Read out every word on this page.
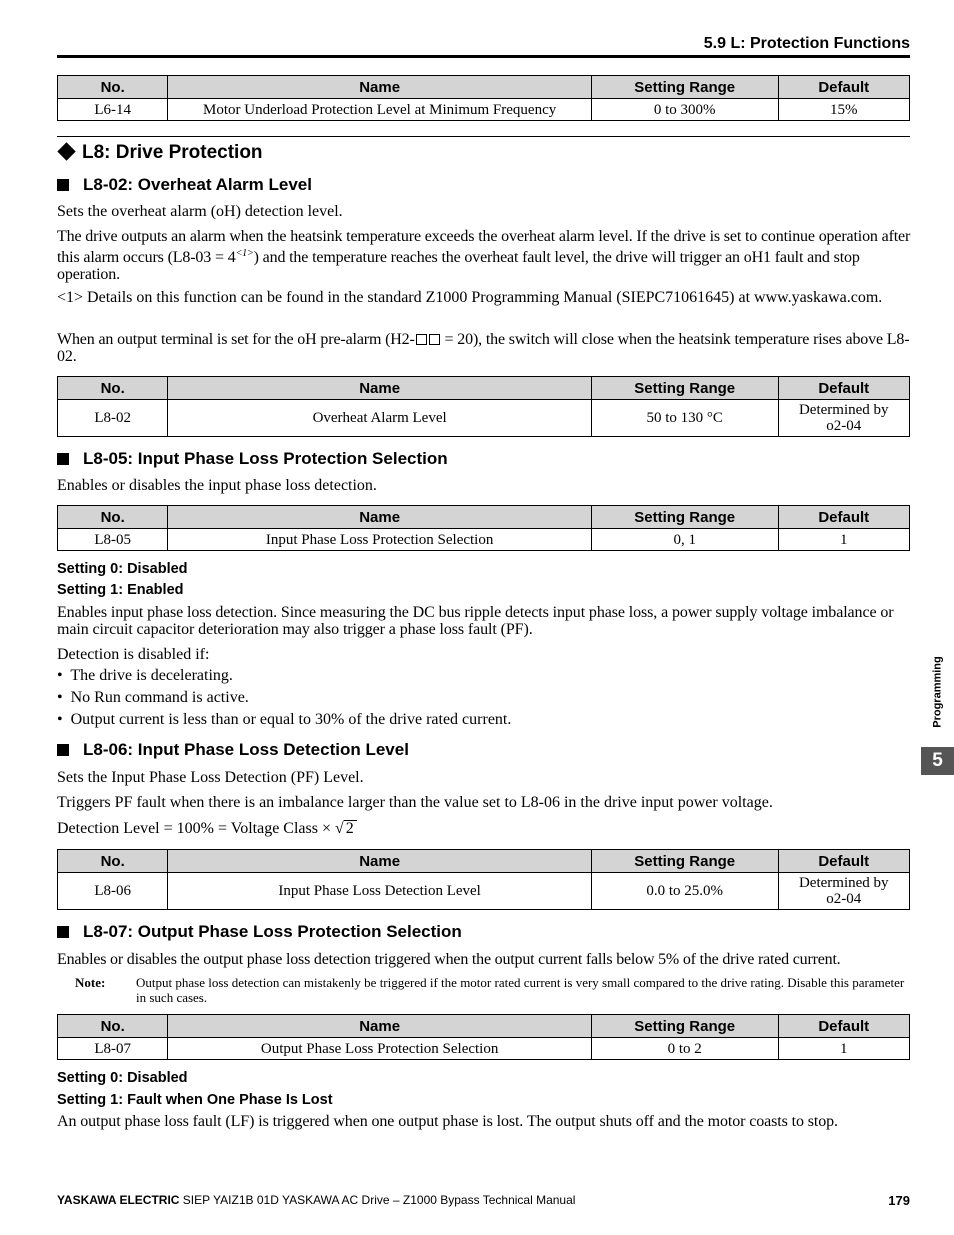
5.9 L: Protection Functions
No.	Name	Setting Range	Default
L6-14	Motor Underload Protection Level at Minimum Frequency	0 to 300%	15%
L8: Drive Protection
L8-02: Overheat Alarm Level
Sets the overheat alarm (oH) detection level.
The drive outputs an alarm when the heatsink temperature exceeds the overheat alarm level. If the drive is set to continue operation after this alarm occurs $(L8-03 = 4^{<1>})$ and the temperature reaches the overheat fault level, the drive will trigger an oH1 fault and stop operation.
<1> Details on this function can be found in the standard Z1000 Programming Manual (SIEPC71061645) at www.yaskawa.com.
When an output terminal is set for the oH pre-alarm (H2- = 20), the switch will close when the heatsink temperature rises above L8-02.
No.	Name	Setting Range	Default
L8-02	Overheat Alarm Level	50 to 130 °C	Determined by
o2-04
L8-05: Input Phase Loss Protection Selection
Enables or disables the input phase loss detection.
No.	Name	Setting Range	Default
L8-05	Input Phase Loss Protection Selection	0, 1	1
Setting 0: Disabled
Setting 1: Enabled
Enables input phase loss detection. Since measuring the DC bus ripple detects input phase loss, a power supply voltage imbalance or main circuit capacitor deterioration may also trigger a phase loss fault (PF).
Detection is disabled if:
•  The drive is decelerating.
•  No Run command is active.
•  Output current is less than or equal to 30% of the drive rated current.
L8-06: Input Phase Loss Detection Level
Sets the Input Phase Loss Detection (PF) Level.
Triggers PF fault when there is an imbalance larger than the value set to L8-06 in the drive input power voltage.
Detection Level = 100% = Voltage Class × √ 2
No.	Name	Setting Range	Default
L8-06	Input Phase Loss Detection Level	0.0 to 25.0%	Determined by
o2-04
L8-07: Output Phase Loss Protection Selection
Enables or disables the output phase loss detection triggered when the output current falls below 5% of the drive rated current.
Note: Output phase loss detection can mistakenly be triggered if the motor rated current is very small compared to the drive rating. Disable this parameter in such cases.
No.	Name	Setting Range	Default
L8-07	Output Phase Loss Protection Selection	0 to 2	1
Setting 0: Disabled
Setting 1: Fault when One Phase Is Lost
An output phase loss fault (LF) is triggered when one output phase is lost. The output shuts off and the motor coasts to stop.
Programming
5
YASKAWA ELECTRIC SIEP YAIZ1B 01D YASKAWA AC Drive – Z1000 Bypass Technical Manual	179
